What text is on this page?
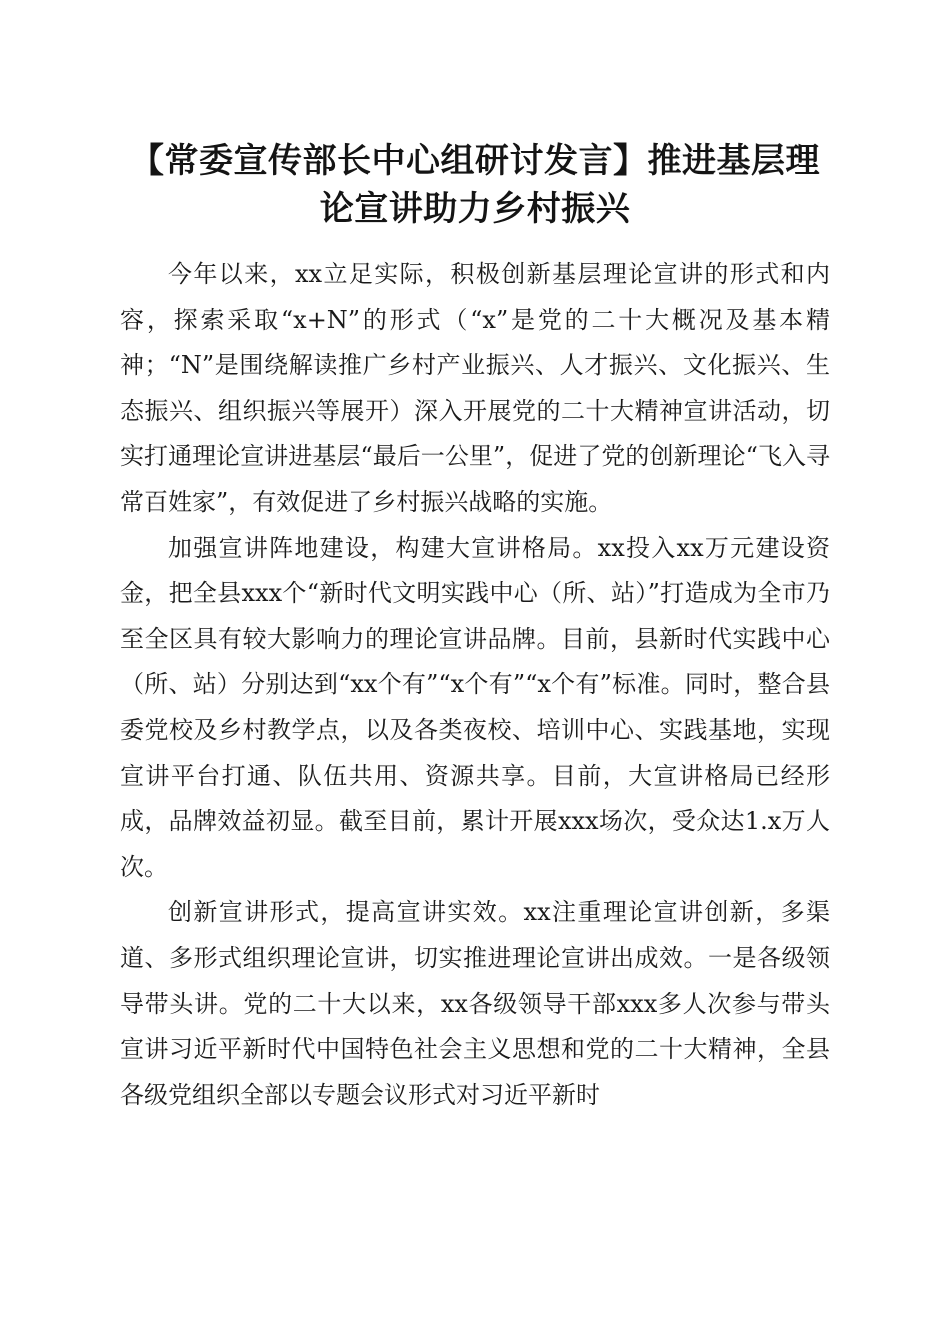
【常委宣传部长中心组研讨发言】推进基层理论宣讲助力乡村振兴

今年以来，xx立足实际，积极创新基层理论宣讲的形式和内容，探索采取“x+N”的形式（“x”是党的二十大概况及基本精神；“N”是围绕解读推广乡村产业振兴、人才振兴、文化振兴、生态振兴、组织振兴等展开）深入开展党的二十大精神宣讲活动，切实打通理论宣讲进基层“最后一公里”，促进了党的创新理论“飞入寻常百姓家”，有效促进了乡村振兴战略的实施。

加强宣讲阵地建设，构建大宣讲格局。xx投入xx万元建设资金，把全县xxx个“新时代文明实践中心（所、站）”打造成为全市乃至全区具有较大影响力的理论宣讲品牌。目前，县新时代实践中心（所、站）分别达到“xx个有”“x个有”“x个有”标准。同时，整合县委党校及乡村教学点，以及各类夜校、培训中心、实践基地，实现宣讲平台打通、队伍共用、资源共享。目前，大宣讲格局已经形成，品牌效益初显。截至目前，累计开展xxx场次，受众达1.x万人次。

创新宣讲形式，提高宣讲实效。xx注重理论宣讲创新，多渠道、多形式组织理论宣讲，切实推进理论宣讲出成效。一是各级领导带头讲。党的二十大以来，xx各级领导干部xxx多人次参与带头宣讲习近平新时代中国特色社会主义思想和党的二十大精神，全县各级党组织全部以专题会议形式对习近平新时
